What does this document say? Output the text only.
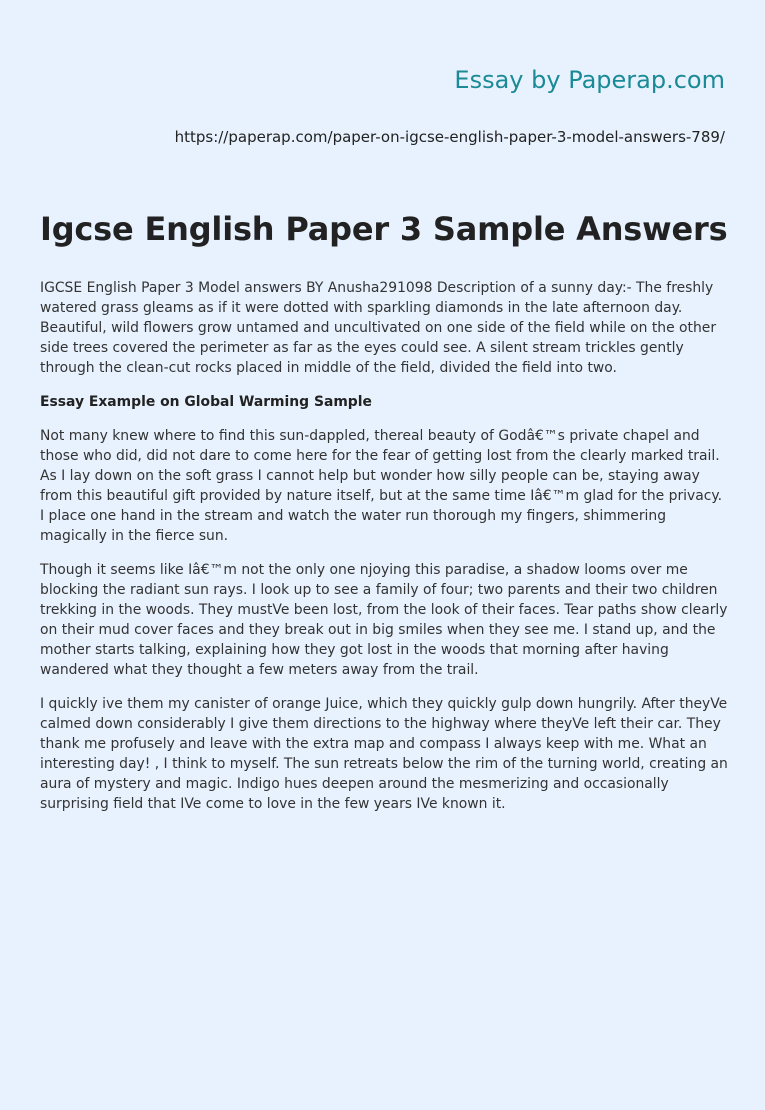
Essay by Paperap.com
https://paperap.com/paper-on-igcse-english-paper-3-model-answers-789/
Igcse English Paper 3 Sample Answers

IGCSE English Paper 3 Model answers BY Anusha291098 Description of a sunny day:- The freshly watered grass gleams as if it were dotted with sparkling diamonds in the late afternoon day. Beautiful, wild flowers grow untamed and uncultivated on one side of the field while on the other side trees covered the perimeter as far as the eyes could see. A silent stream trickles gently through the clean-cut rocks placed in middle of the field, divided the field into two.

Essay Example on Global Warming Sample

Not many knew where to find this sun-dappled, thereal beauty of Godâ€™s private chapel and those who did, did not dare to come here for the fear of getting lost from the clearly marked trail. As I lay down on the soft grass I cannot help but wonder how silly people can be, staying away from this beautiful gift provided by nature itself, but at the same time Iâ€™m glad for the privacy. I place one hand in the stream and watch the water run thorough my fingers, shimmering magically in the fierce sun.

Though it seems like Iâ€™m not the only one njoying this paradise, a shadow looms over me blocking the radiant sun rays. I look up to see a family of four; two parents and their two children trekking in the woods. They mustVe been lost, from the look of their faces. Tear paths show clearly on their mud cover faces and they break out in big smiles when they see me. I stand up, and the mother starts talking, explaining how they got lost in the woods that morning after having wandered what they thought a few meters away from the trail.

I quickly ive them my canister of orange Juice, which they quickly gulp down hungrily. After theyVe calmed down considerably I give them directions to the highway where theyVe left their car. They thank me profusely and leave with the extra map and compass I always keep with me. What an interesting day! , I think to myself. The sun retreats below the rim of the turning world, creating an aura of mystery and magic. Indigo hues deepen around the mesmerizing and occasionally surprising field that IVe come to love in the few years IVe known it.
